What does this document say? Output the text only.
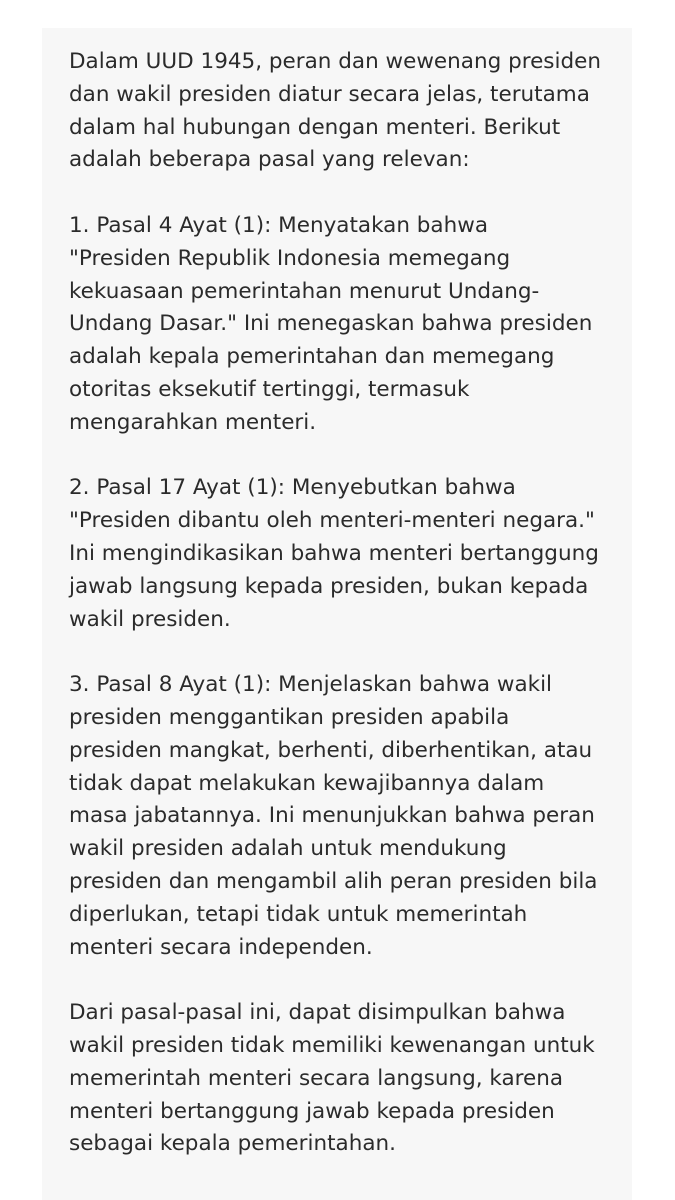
Dalam UUD 1945, peran dan wewenang presiden
dan wakil presiden diatur secara jelas, terutama
dalam hal hubungan dengan menteri. Berikut
adalah beberapa pasal yang relevan:

1. Pasal 4 Ayat (1): Menyatakan bahwa
"Presiden Republik Indonesia memegang
kekuasaan pemerintahan menurut Undang-
Undang Dasar." Ini menegaskan bahwa presiden
adalah kepala pemerintahan dan memegang
otoritas eksekutif tertinggi, termasuk
mengarahkan menteri.

2. Pasal 17 Ayat (1): Menyebutkan bahwa
"Presiden dibantu oleh menteri-menteri negara."
Ini mengindikasikan bahwa menteri bertanggung
jawab langsung kepada presiden, bukan kepada
wakil presiden.

3. Pasal 8 Ayat (1): Menjelaskan bahwa wakil
presiden menggantikan presiden apabila
presiden mangkat, berhenti, diberhentikan, atau
tidak dapat melakukan kewajibannya dalam
masa jabatannya. Ini menunjukkan bahwa peran
wakil presiden adalah untuk mendukung
presiden dan mengambil alih peran presiden bila
diperlukan, tetapi tidak untuk memerintah
menteri secara independen.

Dari pasal-pasal ini, dapat disimpulkan bahwa
wakil presiden tidak memiliki kewenangan untuk
memerintah menteri secara langsung, karena
menteri bertanggung jawab kepada presiden
sebagai kepala pemerintahan.
